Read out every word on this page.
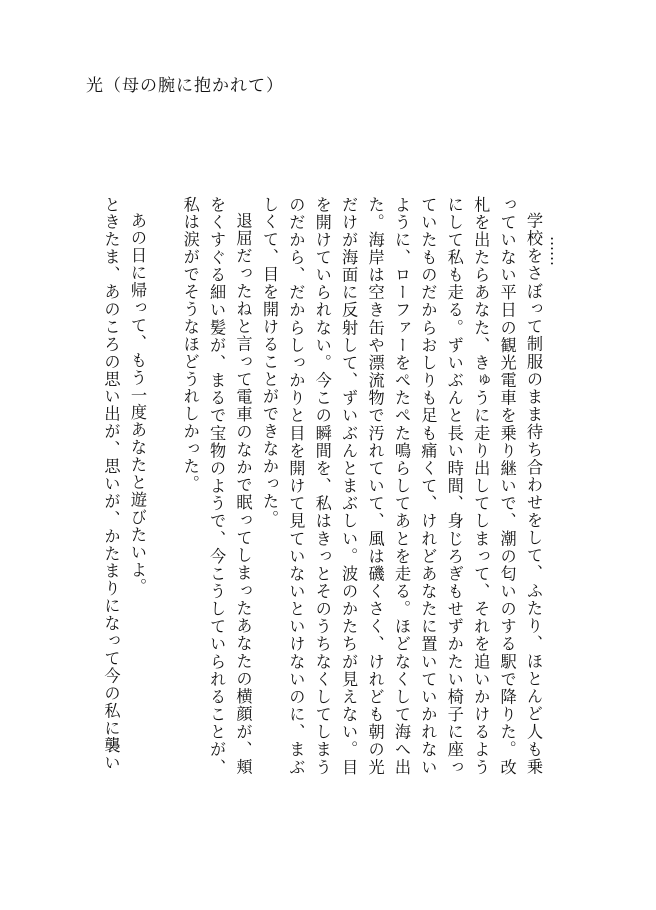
光（母の腕に抱かれて）
……

学校をさぼって制服のまま待ち合わせをして、ふたり、ほとんど人も乗っていない平日の観光電車を乗り継いで、潮の匂いのする駅で降りた。改札を出たらあなた、きゅうに走り出してしまって、それを追いかけるようにして私も走る。ずいぶんと長い時間、身じろぎもせずかたい椅子に座っていたものだからおしりも足も痛くて、けれどあなたに置いていかれないように、ローファーをぺたぺた鳴らしてあとを走る。ほどなくして海へ出た。海岸は空き缶や漂流物で汚れていて、風は磯くさく、けれども朝の光だけが海面に反射して、ずいぶんとまぶしい。波のかたちが見えない。目を開けていられない。今この瞬間を、私はきっとそのうちなくしてしまうのだから、だからしっかりと目を開けて見ていないといけないのに、まぶしくて、目を開けることができなかった。

退屈だったねと言って電車のなかで眠ってしまったあなたの横顔が、頬をくすぐる細い髪が、まるで宝物のようで、今こうしていられることが、私は涙がでそうなほどうれしかった。

あの日に帰って、もう一度あなたと遊びたいよ。

ときたま、あのころの思い出が、思いが、かたまりになって今の私に襲い
